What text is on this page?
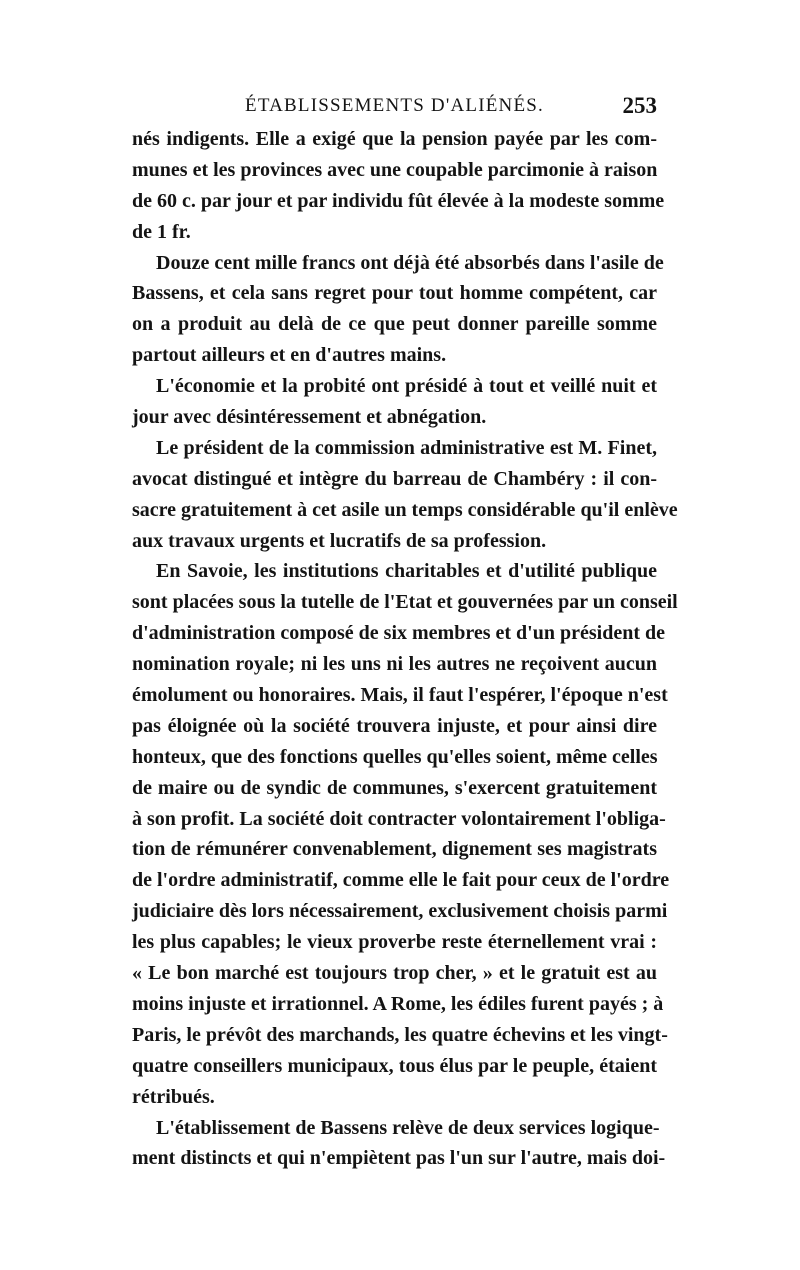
ÉTABLISSEMENTS D'ALIÉNÉS.	253
nés indigents. Elle a exigé que la pension payée par les com-
munes et les provinces avec une coupable parcimonie à raison
de 60 c. par jour et par individu fût élevée à la modeste somme
de 1 fr.
Douze cent mille francs ont déjà été absorbés dans l'asile de
Bassens, et cela sans regret pour tout homme compétent, car
on a produit au delà de ce que peut donner pareille somme
partout ailleurs et en d'autres mains.
L'économie et la probité ont présidé à tout et veillé nuit et
jour avec désintéressement et abnégation.
Le président de la commission administrative est M. Finet,
avocat distingué et intègre du barreau de Chambéry : il con-
sacre gratuitement à cet asile un temps considérable qu'il enlève
aux travaux urgents et lucratifs de sa profession.
En Savoie, les institutions charitables et d'utilité publique
sont placées sous la tutelle de l'Etat et gouvernées par un conseil
d'administration composé de six membres et d'un président de
nomination royale; ni les uns ni les autres ne reçoivent aucun
émolument ou honoraires. Mais, il faut l'espérer, l'époque n'est
pas éloignée où la société trouvera injuste, et pour ainsi dire
honteux, que des fonctions quelles qu'elles soient, même celles
de maire ou de syndic de communes, s'exercent gratuitement
à son profit. La société doit contracter volontairement l'obliga-
tion de rémunérer convenablement, dignement ses magistrats
de l'ordre administratif, comme elle le fait pour ceux de l'ordre
judiciaire dès lors nécessairement, exclusivement choisis parmi
les plus capables; le vieux proverbe reste éternellement vrai :
« Le bon marché est toujours trop cher, » et le gratuit est au
moins injuste et irrationnel. A Rome, les édiles furent payés ; à
Paris, le prévôt des marchands, les quatre échevins et les vingt-
quatre conseillers municipaux, tous élus par le peuple, étaient
rétribués.
L'établissement de Bassens relève de deux services logique-
ment distincts et qui n'empiètent pas l'un sur l'autre, mais doi-
